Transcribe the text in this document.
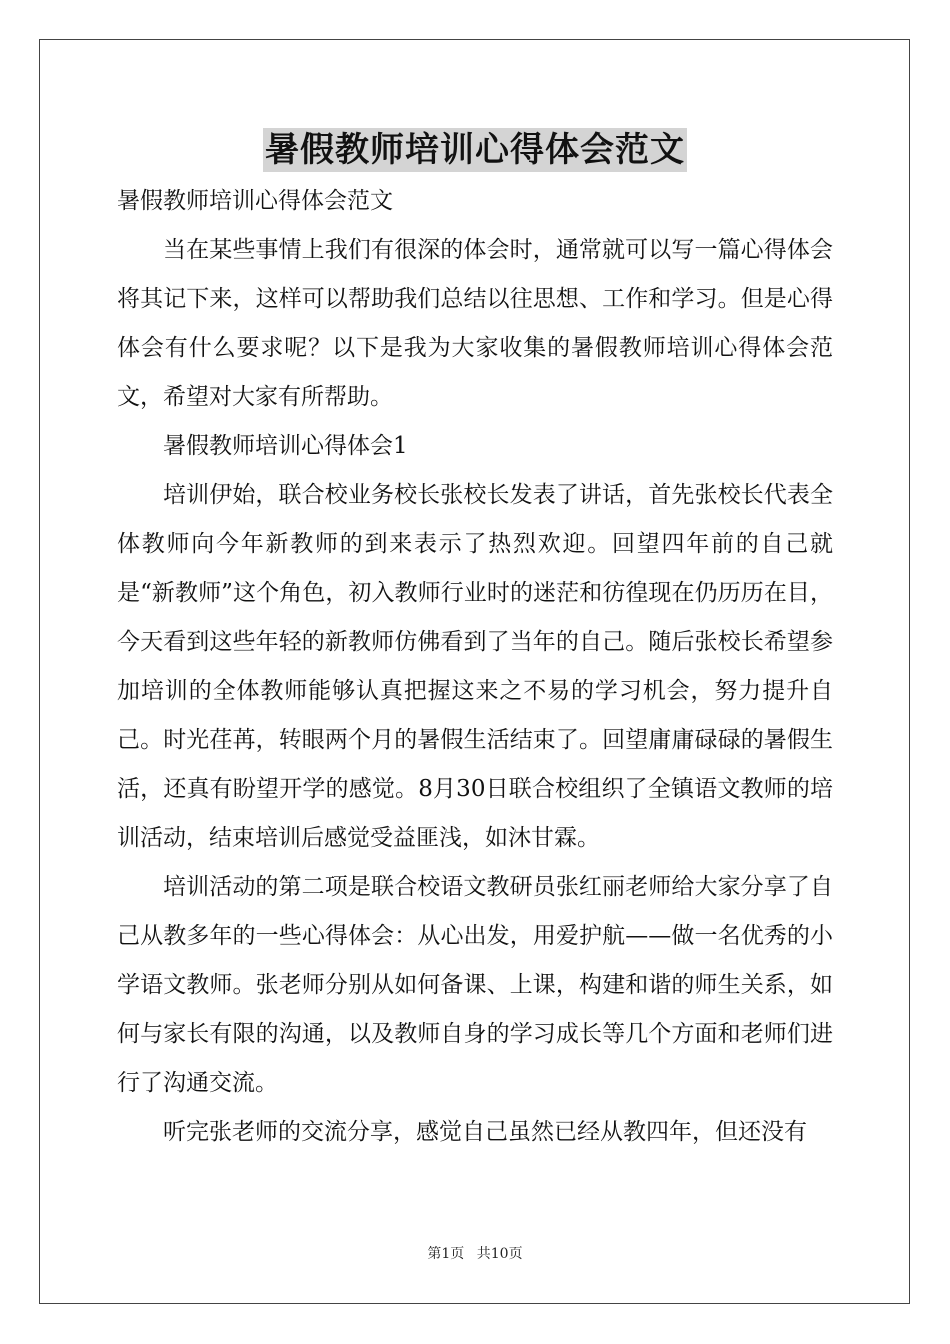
暑假教师培训心得体会范文

暑假教师培训心得体会范文

当在某些事情上我们有很深的体会时，通常就可以写一篇心得体会将其记下来，这样可以帮助我们总结以往思想、工作和学习。但是心得体会有什么要求呢？以下是我为大家收集的暑假教师培训心得体会范文，希望对大家有所帮助。

暑假教师培训心得体会1

培训伊始，联合校业务校长张校长发表了讲话，首先张校长代表全体教师向今年新教师的到来表示了热烈欢迎。回望四年前的自己就是“新教师”这个角色，初入教师行业时的迷茫和彷徨现在仍历历在目，今天看到这些年轻的新教师仿佛看到了当年的自己。随后张校长希望参加培训的全体教师能够认真把握这来之不易的学习机会，努力提升自己。时光荏苒，转眼两个月的暑假生活结束了。回望庸庸碌碌的暑假生活，还真有盼望开学的感觉。8月30日联合校组织了全镇语文教师的培训活动，结束培训后感觉受益匪浅，如沐甘霖。

培训活动的第二项是联合校语文教研员张红丽老师给大家分享了自己从教多年的一些心得体会：从心出发，用爱护航——做一名优秀的小学语文教师。张老师分别从如何备课、上课，构建和谐的师生关系，如何与家长有限的沟通，以及教师自身的学习成长等几个方面和老师们进行了沟通交流。

听完张老师的交流分享，感觉自己虽然已经从教四年，但还没有

第1页 共10页
